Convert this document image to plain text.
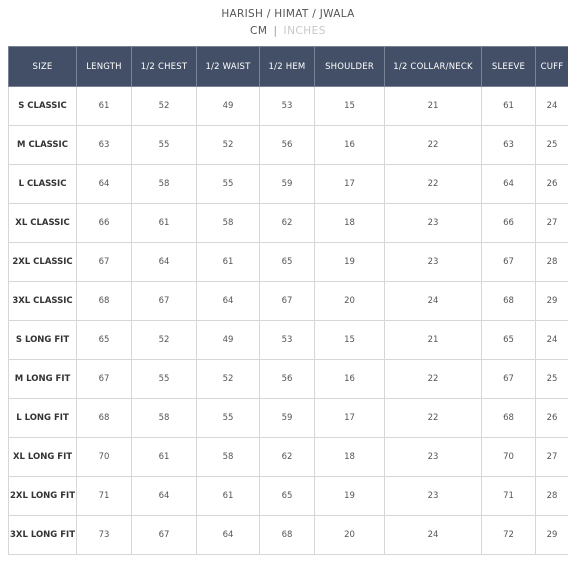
HARISH / HIMAT / JWALA
CM | INCHES
SIZE	LENGTH	1/2 CHEST	1/2 WAIST	1/2 HEM	SHOULDER	1/2 COLLAR/NECK	SLEEVE	CUFF
S CLASSIC	61	52	49	53	15	21	61	24
M CLASSIC	63	55	52	56	16	22	63	25
L CLASSIC	64	58	55	59	17	22	64	26
XL CLASSIC	66	61	58	62	18	23	66	27
2XL CLASSIC	67	64	61	65	19	23	67	28
3XL CLASSIC	68	67	64	67	20	24	68	29
S LONG FIT	65	52	49	53	15	21	65	24
M LONG FIT	67	55	52	56	16	22	67	25
L LONG FIT	68	58	55	59	17	22	68	26
XL LONG FIT	70	61	58	62	18	23	70	27
2XL LONG FIT	71	64	61	65	19	23	71	28
3XL LONG FIT	73	67	64	68	20	24	72	29
